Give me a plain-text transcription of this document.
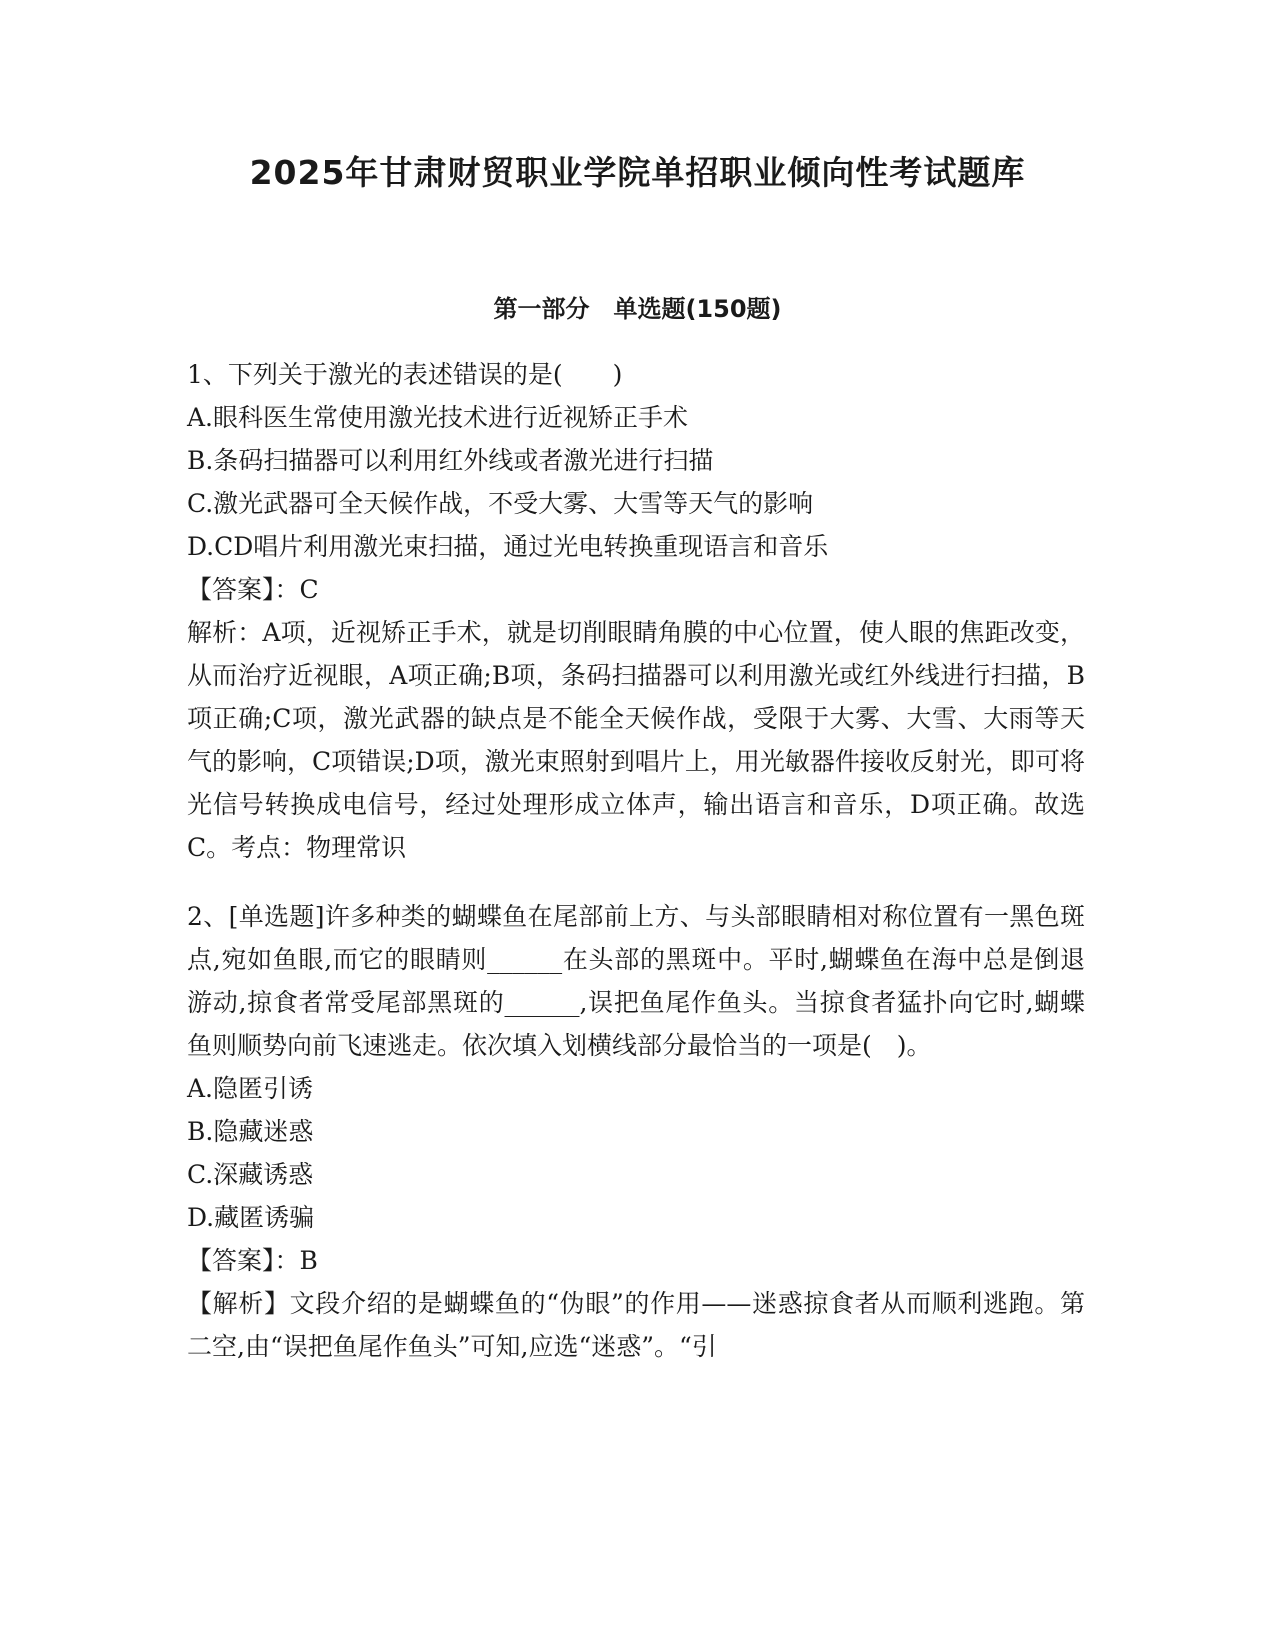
2025年甘肃财贸职业学院单招职业倾向性考试题库
第一部分　单选题(150题)
1、下列关于激光的表述错误的是(　　)
A.眼科医生常使用激光技术进行近视矫正手术
B.条码扫描器可以利用红外线或者激光进行扫描
C.激光武器可全天候作战，不受大雾、大雪等天气的影响
D.CD唱片利用激光束扫描，通过光电转换重现语言和音乐
【答案】：C
解析：A项，近视矫正手术，就是切削眼睛角膜的中心位置，使人眼的焦距改变，从而治疗近视眼，A项正确;B项，条码扫描器可以利用激光或红外线进行扫描，B项正确;C项，激光武器的缺点是不能全天候作战，受限于大雾、大雪、大雨等天气的影响，C项错误;D项，激光束照射到唱片上，用光敏器件接收反射光，即可将光信号转换成电信号，经过处理形成立体声，输出语言和音乐，D项正确。故选C。考点：物理常识
2、[单选题]许多种类的蝴蝶鱼在尾部前上方、与头部眼睛相对称位置有一黑色斑点,宛如鱼眼,而它的眼睛则______在头部的黑斑中。平时,蝴蝶鱼在海中总是倒退游动,掠食者常受尾部黑斑的______,误把鱼尾作鱼头。当掠食者猛扑向它时,蝴蝶鱼则顺势向前飞速逃走。依次填入划横线部分最恰当的一项是(　)。
A.隐匿引诱
B.隐藏迷惑
C.深藏诱惑
D.藏匿诱骗
【答案】：B
【解析】文段介绍的是蝴蝶鱼的“伪眼”的作用——迷惑掠食者从而顺利逃跑。第二空,由“误把鱼尾作鱼头”可知,应选“迷惑”。“引
